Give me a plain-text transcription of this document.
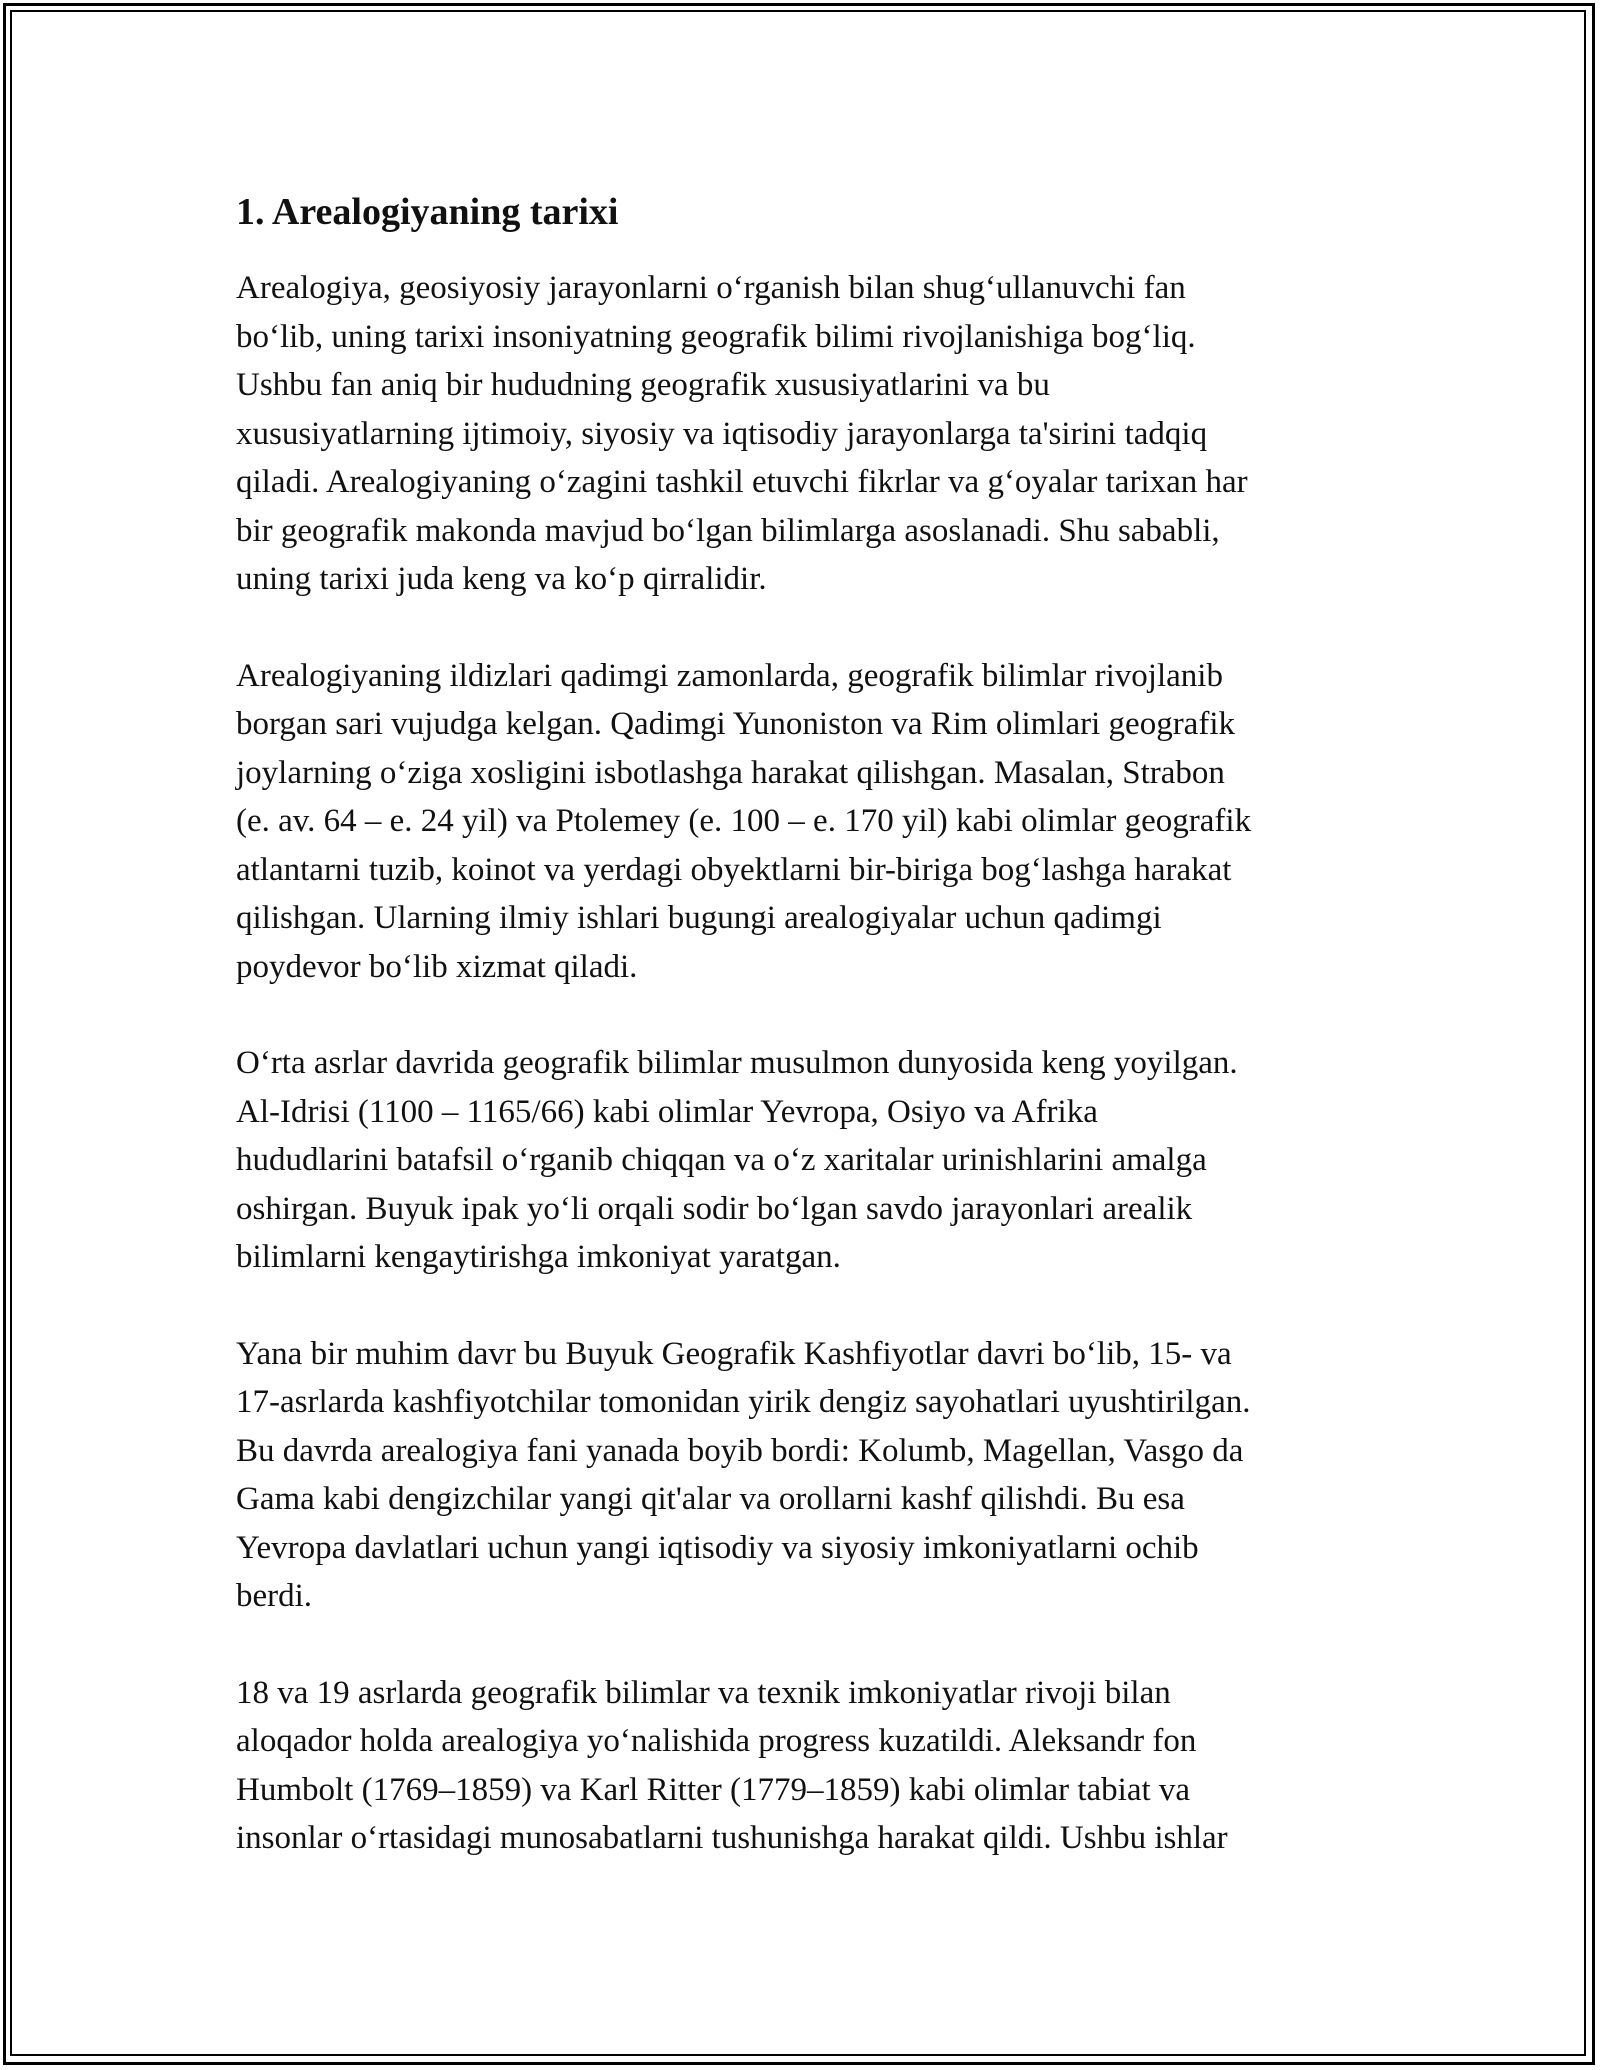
1. Arealogiyaning tarixi
Arealogiya, geosiyosiy jarayonlarni o‘rganish bilan shug‘ullanuvchi fan
bo‘lib, uning tarixi insoniyatning geografik bilimi rivojlanishiga bog‘liq.
Ushbu fan aniq bir hududning geografik xususiyatlarini va bu
xususiyatlarning ijtimoiy, siyosiy va iqtisodiy jarayonlarga ta'sirini tadqiq
qiladi. Arealogiyaning o‘zagini tashkil etuvchi fikrlar va g‘oyalar tarixan har
bir geografik makonda mavjud bo‘lgan bilimlarga asoslanadi. Shu sababli,
uning tarixi juda keng va ko‘p qirralidir.
Arealogiyaning ildizlari qadimgi zamonlarda, geografik bilimlar rivojlanib
borgan sari vujudga kelgan. Qadimgi Yunoniston va Rim olimlari geografik
joylarning o‘ziga xosligini isbotlashga harakat qilishgan. Masalan, Strabon
(e. av. 64 – e. 24 yil) va Ptolemey (e. 100 – e. 170 yil) kabi olimlar geografik
atlantarni tuzib, koinot va yerdagi obyektlarni bir-biriga bog‘lashga harakat
qilishgan. Ularning ilmiy ishlari bugungi arealogiyalar uchun qadimgi
poydevor bo‘lib xizmat qiladi.
O‘rta asrlar davrida geografik bilimlar musulmon dunyosida keng yoyilgan.
Al-Idrisi (1100 – 1165/66) kabi olimlar Yevropa, Osiyo va Afrika
hududlarini batafsil o‘rganib chiqqan va o‘z xaritalar urinishlarini amalga
oshirgan. Buyuk ipak yo‘li orqali sodir bo‘lgan savdo jarayonlari arealik
bilimlarni kengaytirishga imkoniyat yaratgan.
Yana bir muhim davr bu Buyuk Geografik Kashfiyotlar davri bo‘lib, 15- va
17-asrlarda kashfiyotchilar tomonidan yirik dengiz sayohatlari uyushtirilgan.
Bu davrda arealogiya fani yanada boyib bordi: Kolumb, Magellan, Vasgo da
Gama kabi dengizchilar yangi qit'alar va orollarni kashf qilishdi. Bu esa
Yevropa davlatlari uchun yangi iqtisodiy va siyosiy imkoniyatlarni ochib
berdi.
18 va 19 asrlarda geografik bilimlar va texnik imkoniyatlar rivoji bilan
aloqador holda arealogiya yo‘nalishida progress kuzatildi. Aleksandr fon
Humbolt (1769–1859) va Karl Ritter (1779–1859) kabi olimlar tabiat va
insonlar o‘rtasidagi munosabatlarni tushunishga harakat qildi. Ushbu ishlar
